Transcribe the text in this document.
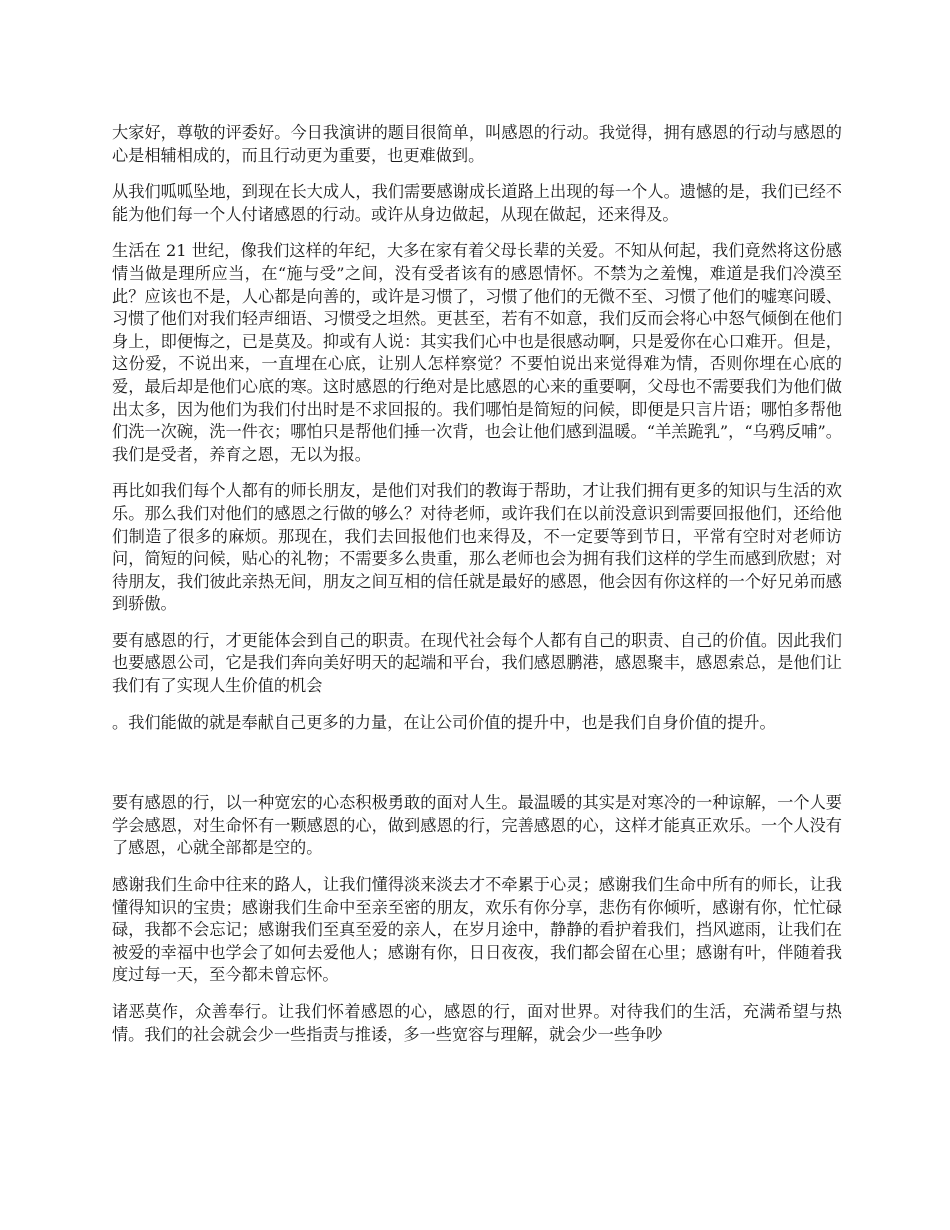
大家好，尊敬的评委好。今日我演讲的题目很简单，叫感恩的行动。我觉得，拥有感恩的行动与感恩的心是相辅相成的，而且行动更为重要，也更难做到。

从我们呱呱坠地，到现在长大成人，我们需要感谢成长道路上出现的每一个人。遗憾的是，我们已经不能为他们每一个人付诸感恩的行动。或许从身边做起，从现在做起，还来得及。

生活在 21 世纪，像我们这样的年纪，大多在家有着父母长辈的关爱。不知从何起，我们竟然将这份感情当做是理所应当，在“施与受”之间，没有受者该有的感恩情怀。不禁为之羞愧，难道是我们冷漠至此？应该也不是，人心都是向善的，或许是习惯了，习惯了他们的无微不至、习惯了他们的嘘寒问暖、习惯了他们对我们轻声细语、习惯受之坦然。更甚至，若有不如意，我们反而会将心中怒气倾倒在他们身上，即便悔之，已是莫及。抑或有人说：其实我们心中也是很感动啊，只是爱你在心口难开。但是，这份爱，不说出来，一直埋在心底，让别人怎样察觉？不要怕说出来觉得难为情，否则你埋在心底的爱，最后却是他们心底的寒。这时感恩的行绝对是比感恩的心来的重要啊，父母也不需要我们为他们做出太多，因为他们为我们付出时是不求回报的。我们哪怕是简短的问候，即便是只言片语；哪怕多帮他们洗一次碗，洗一件衣；哪怕只是帮他们捶一次背，也会让他们感到温暖。“羊羔跪乳”，“乌鸦反哺”。我们是受者，养育之恩，无以为报。

再比如我们每个人都有的师长朋友，是他们对我们的教诲于帮助，才让我们拥有更多的知识与生活的欢乐。那么我们对他们的感恩之行做的够么？对待老师，或许我们在以前没意识到需要回报他们，还给他们制造了很多的麻烦。那现在，我们去回报他们也来得及，不一定要等到节日，平常有空时对老师访问，简短的问候，贴心的礼物；不需要多么贵重，那么老师也会为拥有我们这样的学生而感到欣慰；对待朋友，我们彼此亲热无间，朋友之间互相的信任就是最好的感恩，他会因有你这样的一个好兄弟而感到骄傲。

要有感恩的行，才更能体会到自己的职责。在现代社会每个人都有自己的职责、自己的价值。因此我们也要感恩公司，它是我们奔向美好明天的起端和平台，我们感恩鹏港，感恩聚丰，感恩索总，是他们让我们有了实现人生价值的机会

。我们能做的就是奉献自己更多的力量，在让公司价值的提升中，也是我们自身价值的提升。

要有感恩的行，以一种宽宏的心态积极勇敢的面对人生。最温暖的其实是对寒冷的一种谅解，一个人要学会感恩，对生命怀有一颗感恩的心，做到感恩的行，完善感恩的心，这样才能真正欢乐。一个人没有了感恩，心就全部都是空的。

感谢我们生命中往来的路人，让我们懂得淡来淡去才不牵累于心灵；感谢我们生命中所有的师长，让我懂得知识的宝贵；感谢我们生命中至亲至密的朋友，欢乐有你分享，悲伤有你倾听，感谢有你，忙忙碌碌，我都不会忘记；感谢我们至真至爱的亲人，在岁月途中，静静的看护着我们，挡风遮雨，让我们在被爱的幸福中也学会了如何去爱他人；感谢有你，日日夜夜，我们都会留在心里；感谢有叶，伴随着我度过每一天，至今都未曾忘怀。

诸恶莫作，众善奉行。让我们怀着感恩的心，感恩的行，面对世界。对待我们的生活，充满希望与热情。我们的社会就会少一些指责与推诿，多一些宽容与理解，就会少一些争吵
